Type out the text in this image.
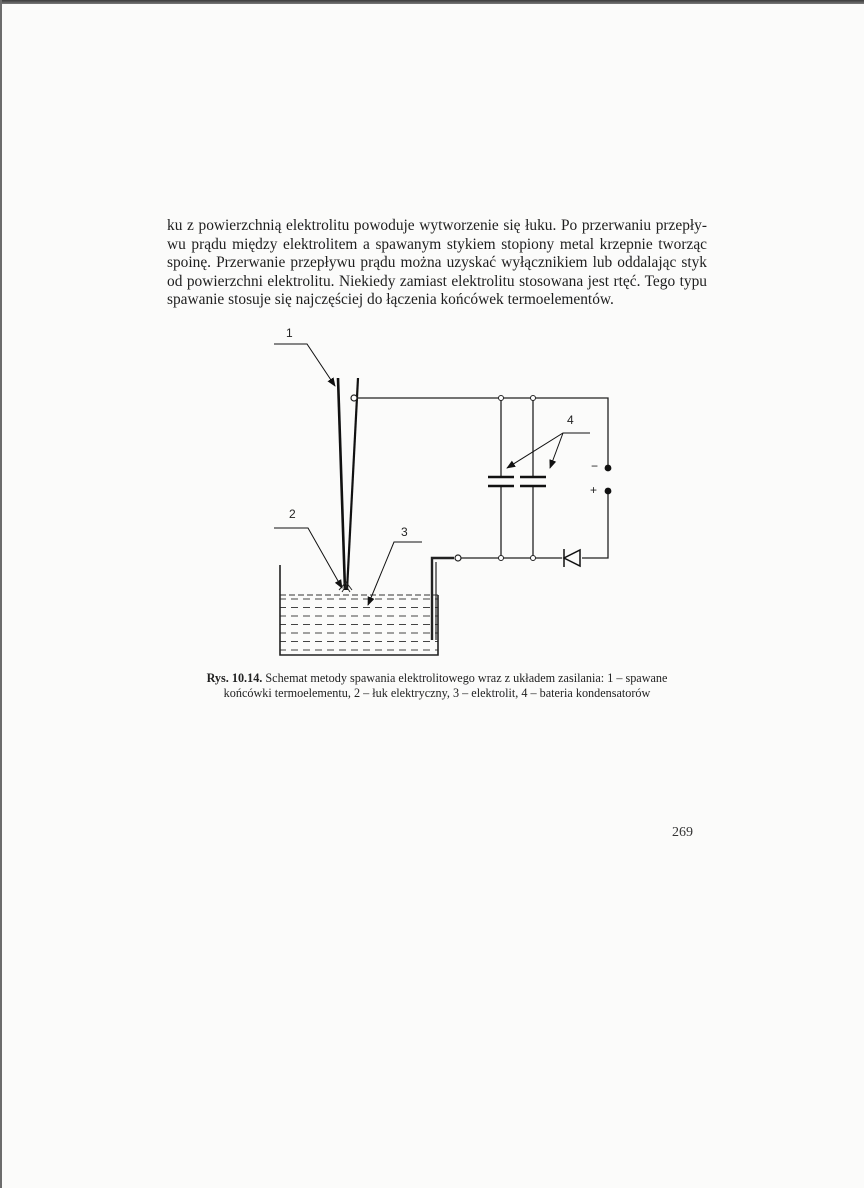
ku z powierzchnią elektrolitu powoduje wytworzenie się łuku. Po przerwaniu przepły-
wu prądu między elektrolitem a spawanym stykiem stopiony metal krzepnie tworząc
spoinę. Przerwanie przepływu prądu można uzyskać wyłącznikiem lub oddalając styk
od powierzchni elektrolitu. Niekiedy zamiast elektrolitu stosowana jest rtęć. Tego typu
spawanie stosuje się najczęściej do łączenia końcówek termoelementów.
−
+
1
2
3
4
Rys. 10.14. Schemat metody spawania elektrolitowego wraz z układem zasilania: 1 – spawane
końcówki termoelementu, 2 – łuk elektryczny, 3 – elektrolit, 4 – bateria kondensatorów
269
